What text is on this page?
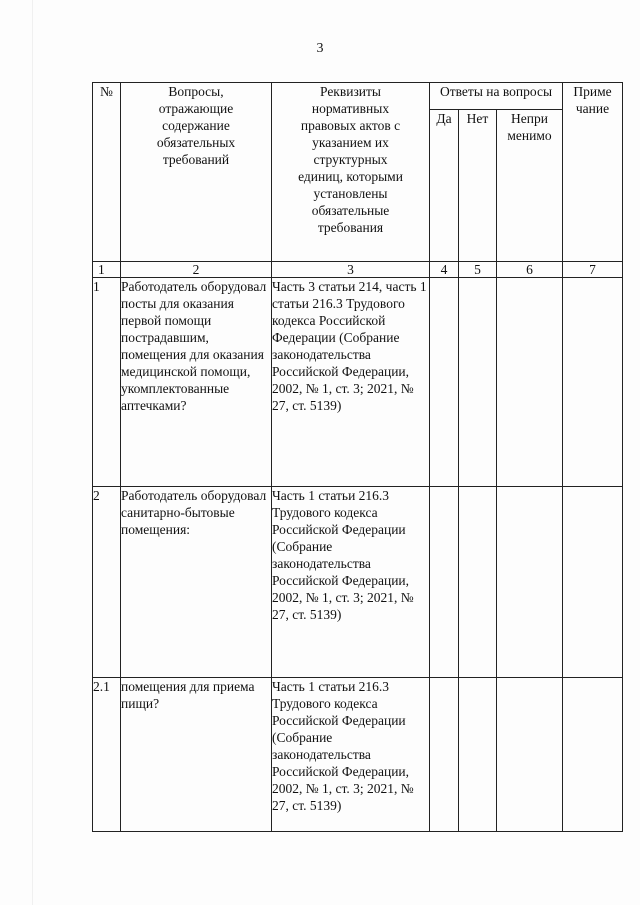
3
№	Вопросы, отражающие содержание обязательных требований	Реквизиты нормативных правовых актов с указанием их структурных единиц, которыми установлены обязательные требования	Ответы на вопросы			Приме чание
			Да	Нет	Непри менимо	
1	2	3	4	5	6	7
1	Работодатель оборудовал посты для оказания первой помощи пострадавшим, помещения для оказания медицинской помощи, укомплектованные аптечками?	Часть 3 статьи 214, часть 1 статьи 216.3 Трудового кодекса Российской Федерации (Собрание законодательства Российской Федерации, 2002, № 1, ст. 3; 2021, № 27, ст. 5139)				
2	Работодатель оборудовал санитарно-бытовые помещения:	Часть 1 статьи 216.3 Трудового кодекса Российской Федерации (Собрание законодательства Российской Федерации, 2002, № 1, ст. 3; 2021, № 27, ст. 5139)				
2.1	помещения для приема пищи?	Часть 1 статьи 216.3 Трудового кодекса Российской Федерации (Собрание законодательства Российской Федерации, 2002, № 1, ст. 3; 2021, № 27, ст. 5139)				
